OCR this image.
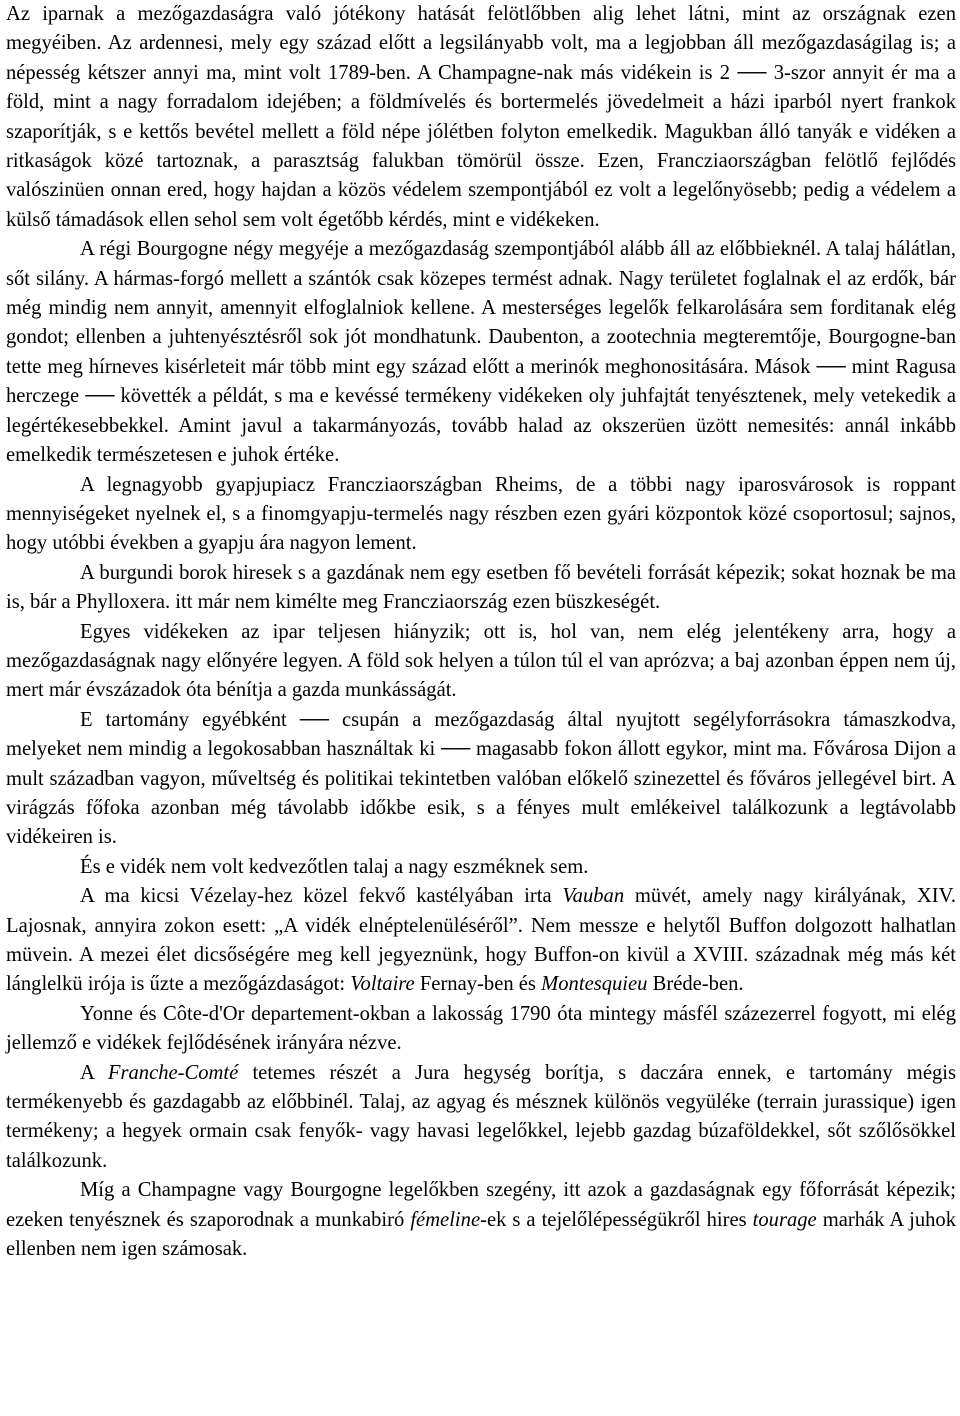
Az iparnak a mezőgazdaságra való jótékony hatását felötlőbben alig lehet látni, mint az országnak ezen megyéiben. Az ardennesi, mely egy század előtt a legsilányabb volt, ma a legjobban áll mezőgazdaságilag is; a népesség kétszer annyi ma, mint volt 1789-ben. A Champagne-nak más vidékein is 2 ── 3-szor annyit ér ma a föld, mint a nagy forradalom idejében; a földmívelés és bortermelés jövedelmeit a házi iparból nyert frankok szaporítják, s e kettős bevétel mellett a föld népe jólétben folyton emelkedik. Magukban álló tanyák e vidéken a ritkaságok közé tartoznak, a parasztság falukban tömörül össze. Ezen, Francziaországban felötlő fejlődés valószinüen onnan ered, hogy hajdan a közös védelem szempontjából ez volt a legelőnyösebb; pedig a védelem a külső támadások ellen sehol sem volt égetőbb kérdés, mint e vidékeken.

A régi Bourgogne négy megyéje a mezőgazdaság szempontjából alább áll az előbbieknél. A talaj hálátlan, sőt silány. A hármas-forgó mellett a szántók csak közepes termést adnak. Nagy területet foglalnak el az erdők, bár még mindig nem annyit, amennyit elfoglalniok kellene. A mesterséges legelők felkarolására sem forditanak elég gondot; ellenben a juhtenyésztésről sok jót mondhatunk. Daubenton, a zootechnia megteremtője, Bourgogne-ban tette meg hírneves kisérleteit már több mint egy század előtt a merinók meghonositására. Mások ── mint Ragusa herczege ── követték a példát, s ma e kevéssé termékeny vidékeken oly juhfajtát tenyésztenek, mely vetekedik a legértékesebbekkel. Amint javul a takarmányozás, tovább halad az okszerüen üzött nemesités: annál inkább emelkedik természetesen e juhok értéke.

A legnagyobb gyapjupiacz Francziaországban Rheims, de a többi nagy iparosvárosok is roppant mennyiségeket nyelnek el, s a finomgyapju-termelés nagy részben ezen gyári központok közé csoportosul; sajnos, hogy utóbbi években a gyapju ára nagyon lement.

A burgundi borok hiresek s a gazdának nem egy esetben fő bevételi forrását képezik; sokat hoznak be ma is, bár a Phylloxera. itt már nem kimélte meg Francziaország ezen büszkeségét.

Egyes vidékeken az ipar teljesen hiányzik; ott is, hol van, nem elég jelentékeny arra, hogy a mezőgazdaságnak nagy előnyére legyen. A föld sok helyen a túlon túl el van aprózva; a baj azonban éppen nem új, mert már évszázadok óta bénítja a gazda munkásságát.

E tartomány egyébként ── csupán a mezőgazdaság által nyujtott segélyforrásokra támaszkodva, melyeket nem mindig a legokosabban használtak ki ── magasabb fokon állott egykor, mint ma. Fővárosa Dijon a mult században vagyon, műveltség és politikai tekintetben valóban előkelő szinezettel és főváros jellegével birt. A virágzás főfoka azonban még távolabb időkbe esik, s a fényes mult emlékeivel találkozunk a legtávolabb vidékeiren is.

És e vidék nem volt kedvezőtlen talaj a nagy eszméknek sem.

A ma kicsi Vézelay-hez közel fekvő kastélyában irta Vauban müvét, amely nagy királyának, XIV. Lajosnak, annyira zokon esett: „A vidék elnéptelenüléséről”. Nem messze e helytől Buffon dolgozott halhatlan müvein. A mezei élet dicsőségére meg kell jegyeznünk, hogy Buffon-on kivül a XVIII. századnak még más két lánglelkü irója is űzte a mezőgázdaságot: Voltaire Fernay-ben és Montesquieu Bréde-ben.

Yonne és Côte-d'Or departement-okban a lakosság 1790 óta mintegy másfél százezerrel fogyott, mi elég jellemző e vidékek fejlődésének irányára nézve.

A Franche-Comté tetemes részét a Jura hegység borítja, s daczára ennek, e tartomány mégis termékenyebb és gazdagabb az előbbinél. Talaj, az agyag és mésznek különös vegyüléke (terrain jurassique) igen termékeny; a hegyek ormain csak fenyők- vagy havasi legelőkkel, lejebb gazdag búzaföldekkel, sőt szőlősökkel találkozunk.

Míg a Champagne vagy Bourgogne legelőkben szegény, itt azok a gazdaságnak egy főforrását képezik; ezeken tenyésznek és szaporodnak a munkabiró fémeline-ek s a tejelőlépességükről hires tourage marhák A juhok ellenben nem igen számosak.
